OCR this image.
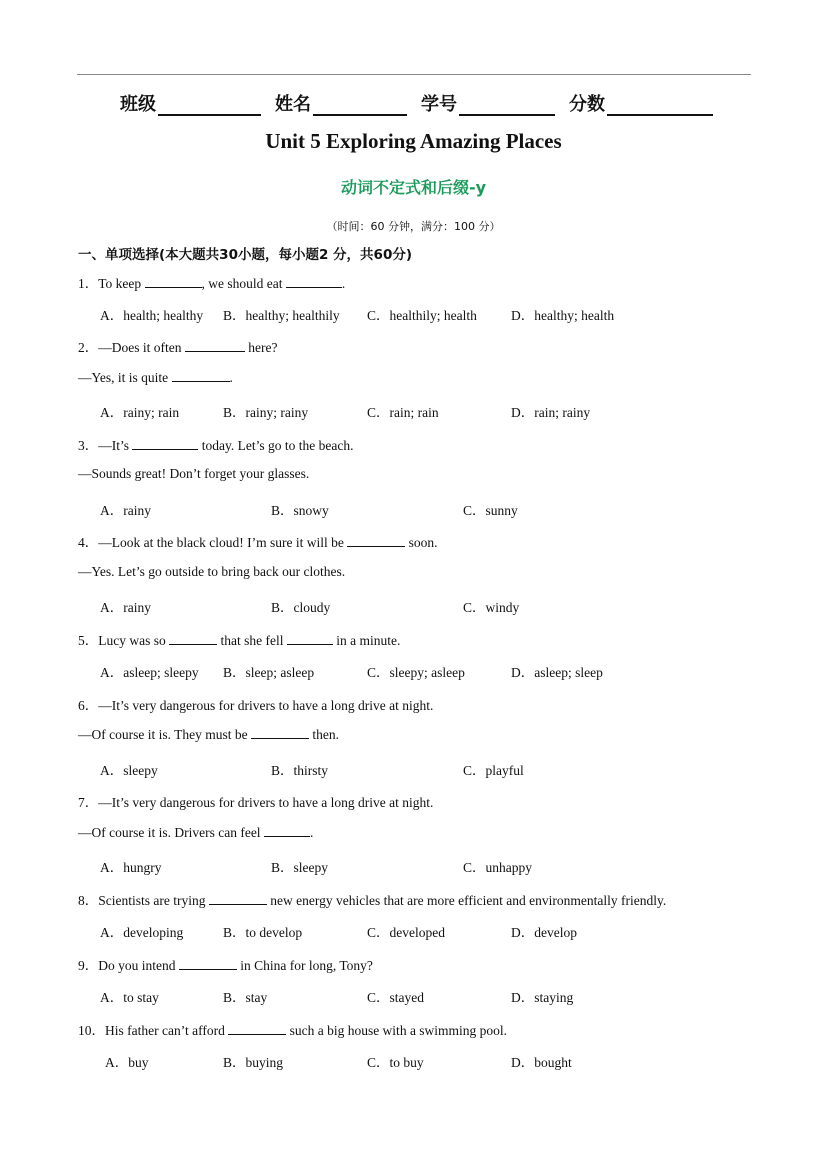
班级	姓名	学号	分数
Unit 5 Exploring Amazing Places
动词不定式和后缀-y
（时间：60 分钟，满分：100 分）
一、单项选择(本大题共30小题，每小题2 分，共60分)
1．To keep	, we should eat	.
A．health; healthy B．healthy; healthily C．healthily; health	D．healthy; health
2．—Does it often	here?
—Yes, it is quite	.
A．rainy; rain	B．rainy; rainy	C．rain; rain	D．rain; rainy
3．—It’s	today. Let’s go to the beach.
—Sounds great! Don’t forget your glasses.
A．rainy	B．snowy	C．sunny
4．—Look at the black cloud! I’m sure it will be	soon.
—Yes. Let’s go outside to bring back our clothes.
A．rainy	B．cloudy	C．windy
5．Lucy was so	that she fell	in a minute.
A．asleep; sleepy B．sleep; asleep	C．sleepy; asleep	D．asleep; sleep
6．—It’s very dangerous for drivers to have a long drive at night.
—Of course it is. They must be	then.
A．sleepy	B．thirsty	C．playful
7．—It’s very dangerous for drivers to have a long drive at night.
—Of course it is. Drivers can feel	.
A．hungry	B．sleepy	C．unhappy
8．Scientists are trying	new energy vehicles that are more efficient and environmentally friendly.
A．developing	B．to develop	C．developed	D．develop
9．Do you intend	in China for long, Tony?
A．to stay	B．stay	C．stayed	D．staying
10．His father can’t afford	such a big house with a swimming pool.
A．buy	B．buying	C．to buy	D．bought
